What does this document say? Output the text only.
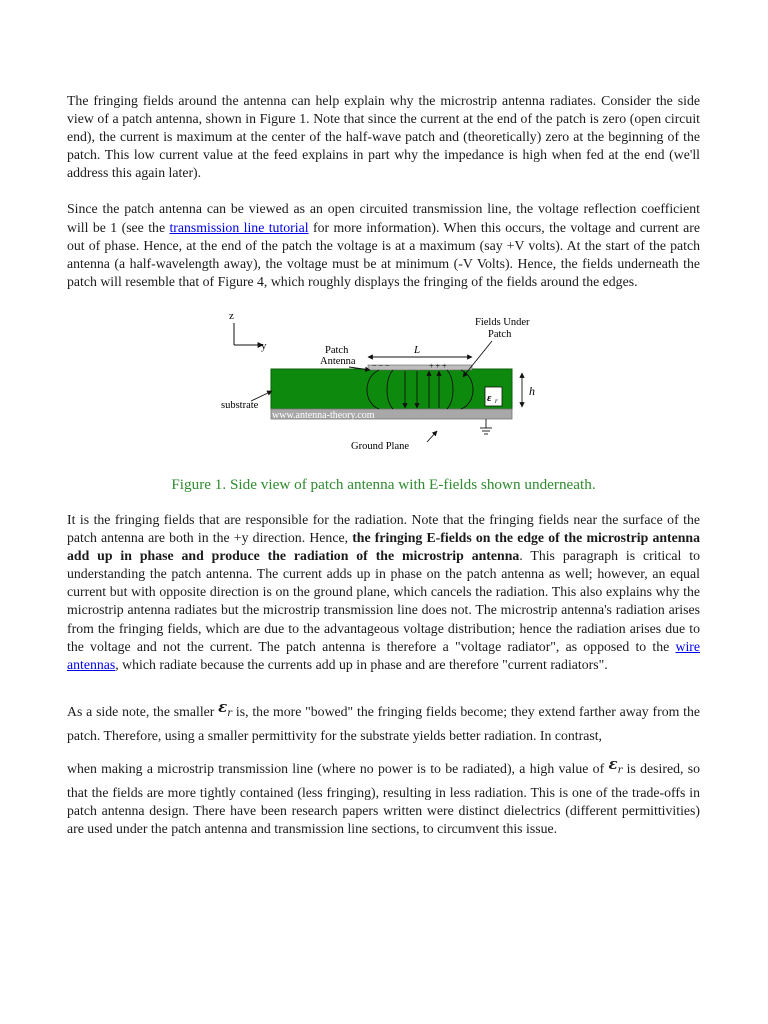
The fringing fields around the antenna can help explain why the microstrip antenna radiates. Consider the side view of a patch antenna, shown in Figure 1. Note that since the current at the end of the patch is zero (open circuit end), the current is maximum at the center of the half-wave patch and (theoretically) zero at the beginning of the patch. This low current value at the feed explains in part why the impedance is high when fed at the end (we'll address this again later).

Since the patch antenna can be viewed as an open circuited transmission line, the voltage reflection coefficient will be 1 (see the transmission line tutorial for more information). When this occurs, the voltage and current are out of phase. Hence, at the end of the patch the voltage is at a maximum (say +V volts). At the start of the patch antenna (a half-wavelength away), the voltage must be at minimum (-V Volts). Hence, the fields underneath the patch will resemble that of Figure 4, which roughly displays the fringing of the fields around the edges.

z
y
− − −	+ + +
L
Patch
Antenna
Fields Under
Patch
substrate
www.antenna-theory.com
ε r
h
Ground Plane
Figure 1. Side view of patch antenna with E-fields shown underneath.

It is the fringing fields that are responsible for the radiation. Note that the fringing fields near the surface of the patch antenna are both in the +y direction. Hence, the fringing E-fields on the edge of the microstrip antenna add up in phase and produce the radiation of the microstrip antenna. This paragraph is critical to understanding the patch antenna. The current adds up in phase on the patch antenna as well; however, an equal current but with opposite direction is on the ground plane, which cancels the radiation. This also explains why the microstrip antenna radiates but the microstrip transmission line does not. The microstrip antenna's radiation arises from the fringing fields, which are due to the advantageous voltage distribution; hence the radiation arises due to the voltage and not the current. The patch antenna is therefore a "voltage radiator", as opposed to the wire antennas, which radiate because the currents add up in phase and are therefore "current radiators".

As a side note, the smaller $\varepsilon_r$ is, the more "bowed" the fringing fields become; they extend farther away from the patch. Therefore, using a smaller permittivity for the substrate yields better radiation. In contrast,
when making a microstrip transmission line (where no power is to be radiated), a high value of $\varepsilon_r$ is desired, so that the fields are more tightly contained (less fringing), resulting in less radiation. This is one of the trade-offs in patch antenna design. There have been research papers written were distinct dielectrics (different permittivities) are used under the patch antenna and transmission line sections, to circumvent this issue.
